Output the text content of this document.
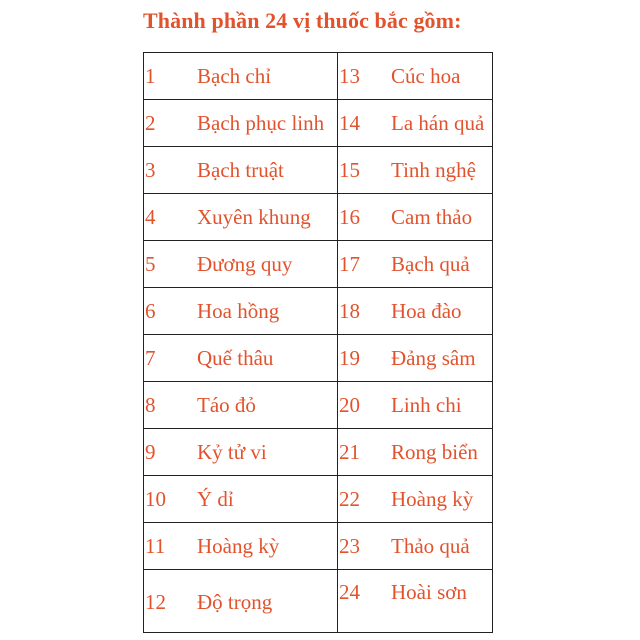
Thành phần 24 vị thuốc bắc gồm:
1 Bạch chỉ	13 Cúc hoa

2 Bạch phục linh	14 La hán quả

3 Bạch truật	15 Tinh nghệ

4 Xuyên khung	16 Cam thảo

5 Đương quy	17 Bạch quả

6 Hoa hồng	18 Hoa đào

7 Quế thâu	19 Đảng sâm

8 Táo đỏ	20 Linh chi

9 Kỷ tử vi	21 Rong biển

10 Ý dỉ	22 Hoàng kỳ

11 Hoàng kỳ	23 Thảo quả

12 Độ trọng	24 Hoài sơn
